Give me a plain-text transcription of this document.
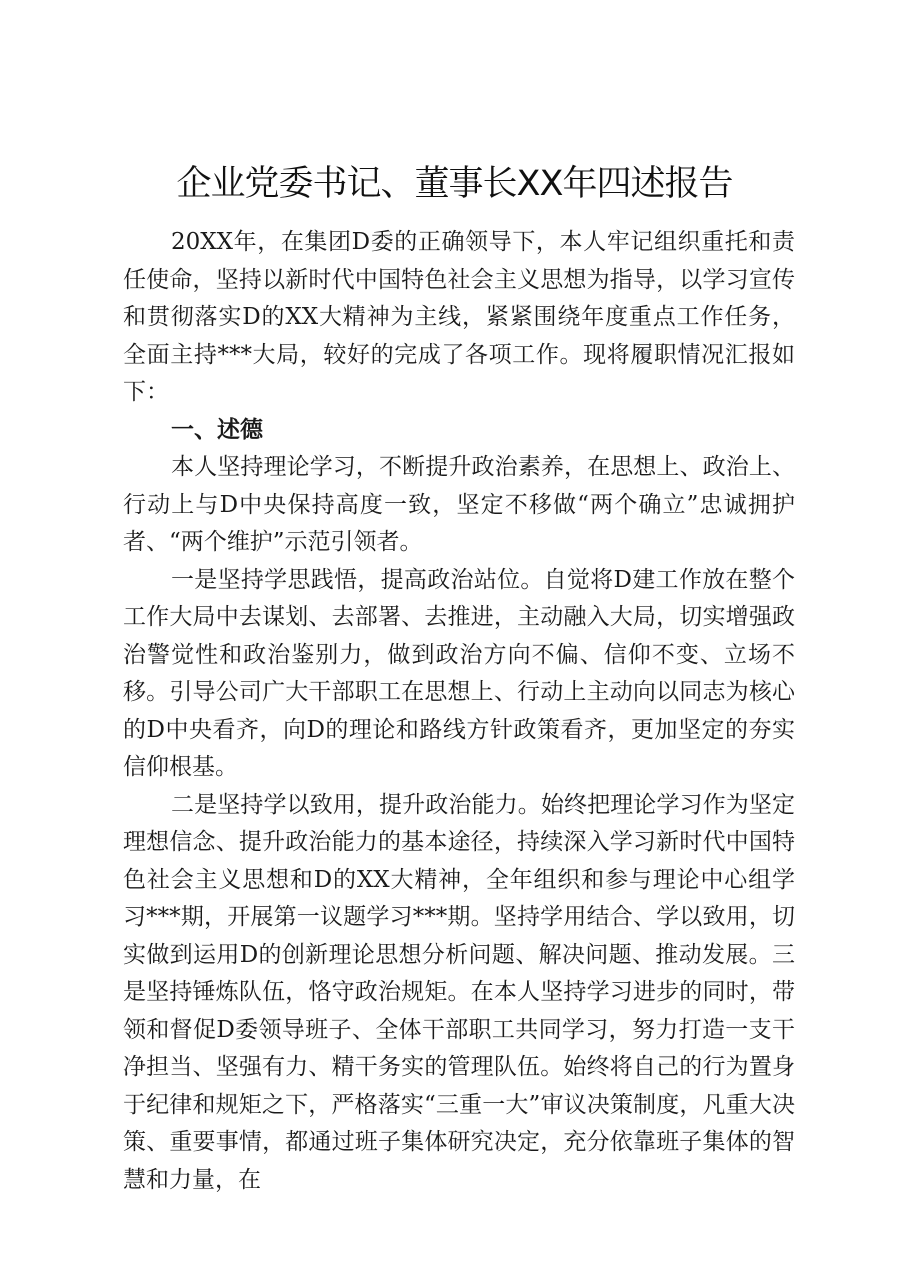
企业党委书记、董事长XX年四述报告

20XX年，在集团D委的正确领导下，本人牢记组织重托和责任使命，坚持以新时代中国特色社会主义思想为指导，以学习宣传和贯彻落实D的XX大精神为主线，紧紧围绕年度重点工作任务，全面主持***大局，较好的完成了各项工作。现将履职情况汇报如下：

一、述德

本人坚持理论学习，不断提升政治素养，在思想上、政治上、行动上与D中央保持高度一致，坚定不移做“两个确立”忠诚拥护者、“两个维护”示范引领者。

一是坚持学思践悟，提高政治站位。自觉将D建工作放在整个工作大局中去谋划、去部署、去推进，主动融入大局，切实增强政治警觉性和政治鉴别力，做到政治方向不偏、信仰不变、立场不移。引导公司广大干部职工在思想上、行动上主动向以同志为核心的D中央看齐，向D的理论和路线方针政策看齐，更加坚定的夯实信仰根基。

二是坚持学以致用，提升政治能力。始终把理论学习作为坚定理想信念、提升政治能力的基本途径，持续深入学习新时代中国特色社会主义思想和D的XX大精神，全年组织和参与理论中心组学习***期，开展第一议题学习***期。坚持学用结合、学以致用，切实做到运用D的创新理论思想分析问题、解决问题、推动发展。三是坚持锤炼队伍，恪守政治规矩。在本人坚持学习进步的同时，带领和督促D委领导班子、全体干部职工共同学习，努力打造一支干净担当、坚强有力、精干务实的管理队伍。始终将自己的行为置身于纪律和规矩之下，严格落实“三重一大”审议决策制度，凡重大决策、重要事情，都通过班子集体研究决定，充分依靠班子集体的智慧和力量，在
